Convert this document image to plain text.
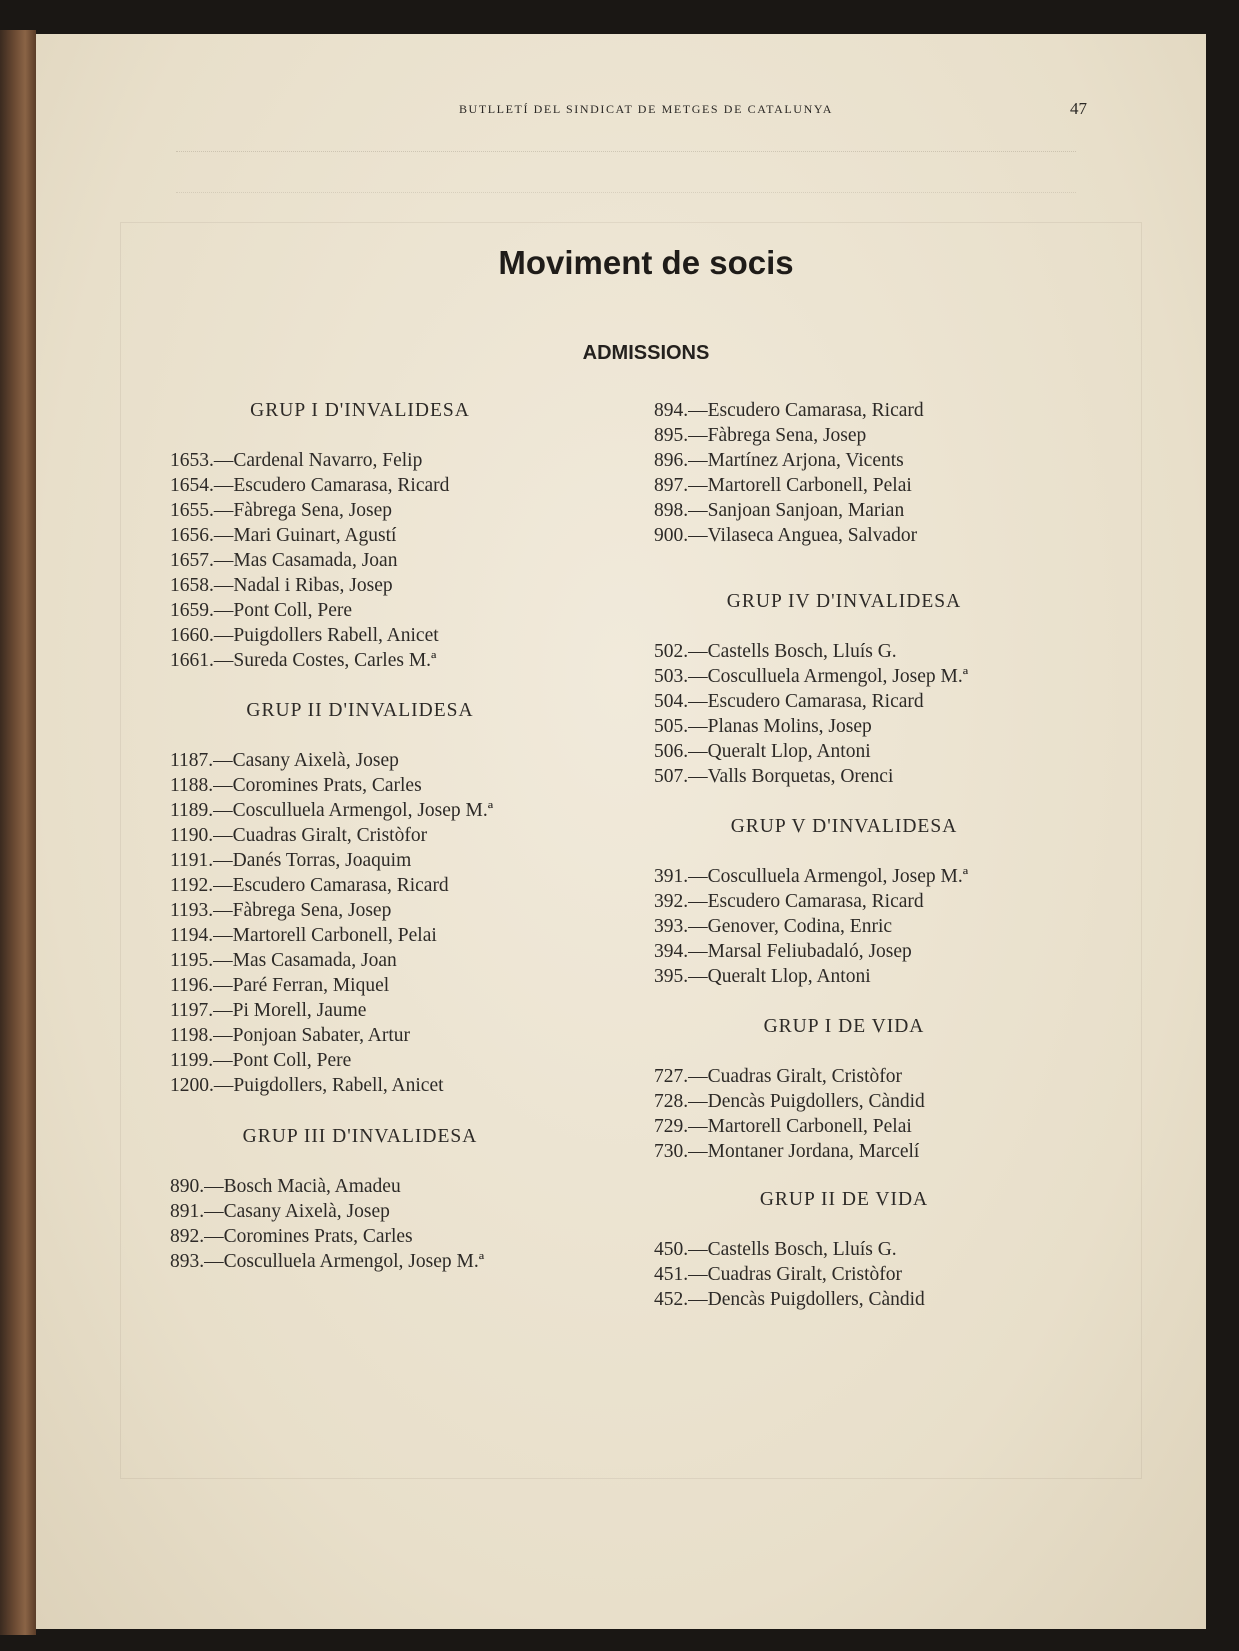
BUTLLETÍ DEL SINDICAT DE METGES DE CATALUNYA	47
Moviment de socis
ADMISSIONS
GRUP I D'INVALIDESA
1653.—Cardenal Navarro, Felip
1654.—Escudero Camarasa, Ricard
1655.—Fàbrega Sena, Josep
1656.—Mari Guinart, Agustí
1657.—Mas Casamada, Joan
1658.—Nadal i Ribas, Josep
1659.—Pont Coll, Pere
1660.—Puigdollers Rabell, Anicet
1661.—Sureda Costes, Carles M.ª
GRUP II D'INVALIDESA
1187.—Casany Aixelà, Josep
1188.—Coromines Prats, Carles
1189.—Cosculluela Armengol, Josep M.ª
1190.—Cuadras Giralt, Cristòfor
1191.—Danés Torras, Joaquim
1192.—Escudero Camarasa, Ricard
1193.—Fàbrega Sena, Josep
1194.—Martorell Carbonell, Pelai
1195.—Mas Casamada, Joan
1196.—Paré Ferran, Miquel
1197.—Pi Morell, Jaume
1198.—Ponjoan Sabater, Artur
1199.—Pont Coll, Pere
1200.—Puigdollers, Rabell, Anicet
GRUP III D'INVALIDESA
890.—Bosch Macià, Amadeu
891.—Casany Aixelà, Josep
892.—Coromines Prats, Carles
893.—Cosculluela Armengol, Josep M.ª
894.—Escudero Camarasa, Ricard
895.—Fàbrega Sena, Josep
896.—Martínez Arjona, Vicents
897.—Martorell Carbonell, Pelai
898.—Sanjoan Sanjoan, Marian
900.—Vilaseca Anguea, Salvador
GRUP IV D'INVALIDESA
502.—Castells Bosch, Lluís G.
503.—Cosculluela Armengol, Josep M.ª
504.—Escudero Camarasa, Ricard
505.—Planas Molins, Josep
506.—Queralt Llop, Antoni
507.—Valls Borquetas, Orenci
GRUP V D'INVALIDESA
391.—Cosculluela Armengol, Josep M.ª
392.—Escudero Camarasa, Ricard
393.—Genover, Codina, Enric
394.—Marsal Feliubadaló, Josep
395.—Queralt Llop, Antoni
GRUP I DE VIDA
727.—Cuadras Giralt, Cristòfor
728.—Dencàs Puigdollers, Càndid
729.—Martorell Carbonell, Pelai
730.—Montaner Jordana, Marcelí
GRUP II DE VIDA
450.—Castells Bosch, Lluís G.
451.—Cuadras Giralt, Cristòfor
452.—Dencàs Puigdollers, Càndid
